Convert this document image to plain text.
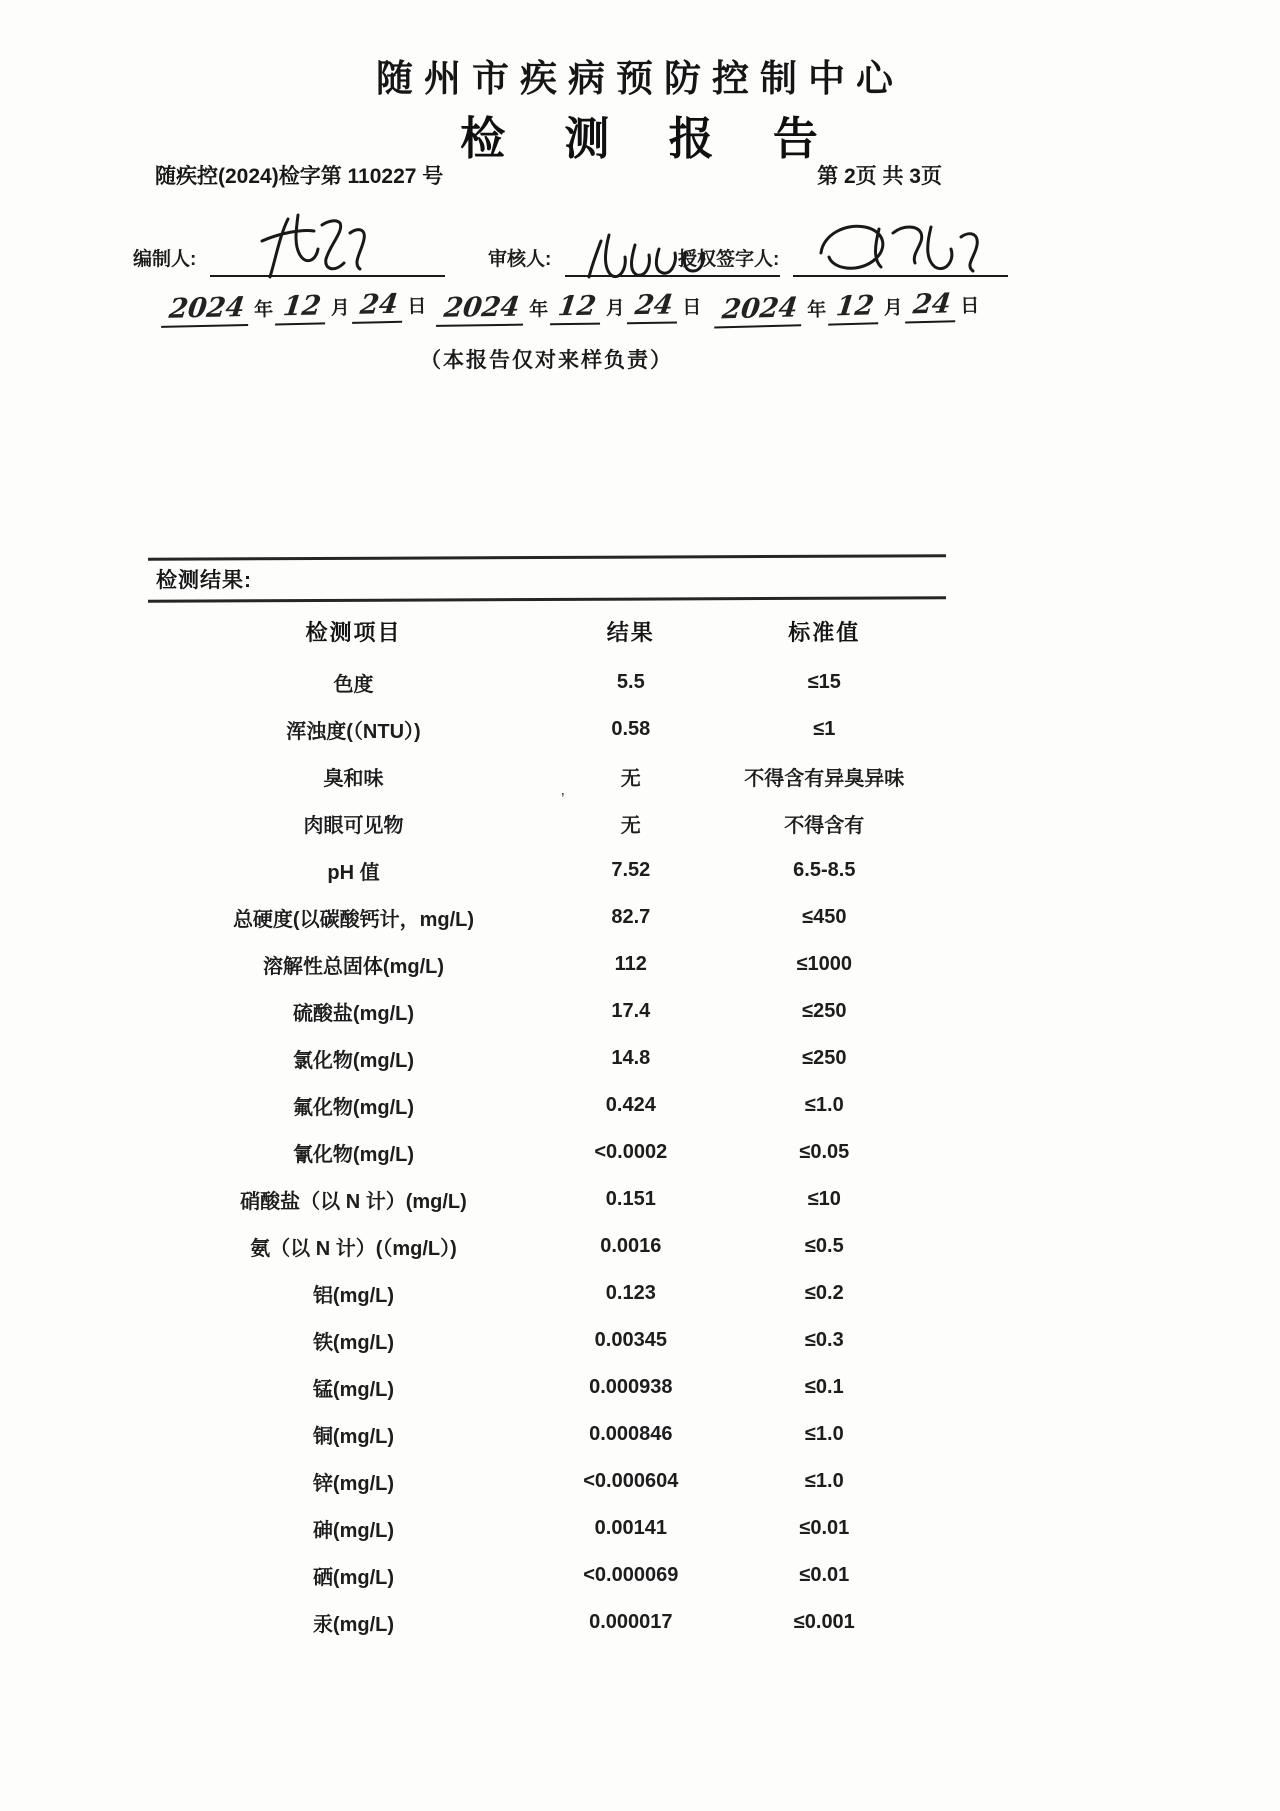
随州市疾病预防控制中心
检 测 报 告
随疾控(2024)检字第 110227 号	第 2页 共 3页
编制人:	审核人:	授权签字人:
2024 年 12 月 24 日 2024 年 12 月 24 日 2024 年 12 月 24 日
（本报告仅对来样负责）
’
检测结果:
检测项目	结果	标准值
色度	5.5	≤15
浑浊度(（NTU）)	0.58	≤1
臭和味	无	不得含有异臭异味
肉眼可见物	无	不得含有
pH 值	7.52	6.5-8.5
总硬度(以碳酸钙计，mg/L)	82.7	≤450
溶解性总固体(mg/L)	112	≤1000
硫酸盐(mg/L)	17.4	≤250
氯化物(mg/L)	14.8	≤250
氟化物(mg/L)	0.424	≤1.0
氰化物(mg/L)	<0.0002	≤0.05
硝酸盐（以 N 计）(mg/L)	0.151	≤10
氨（以 N 计）(（mg/L）)	0.0016	≤0.5
铝(mg/L)	0.123	≤0.2
铁(mg/L)	0.00345	≤0.3
锰(mg/L)	0.000938	≤0.1
铜(mg/L)	0.000846	≤1.0
锌(mg/L)	<0.000604	≤1.0
砷(mg/L)	0.00141	≤0.01
硒(mg/L)	<0.000069	≤0.01
汞(mg/L)	0.000017	≤0.001
